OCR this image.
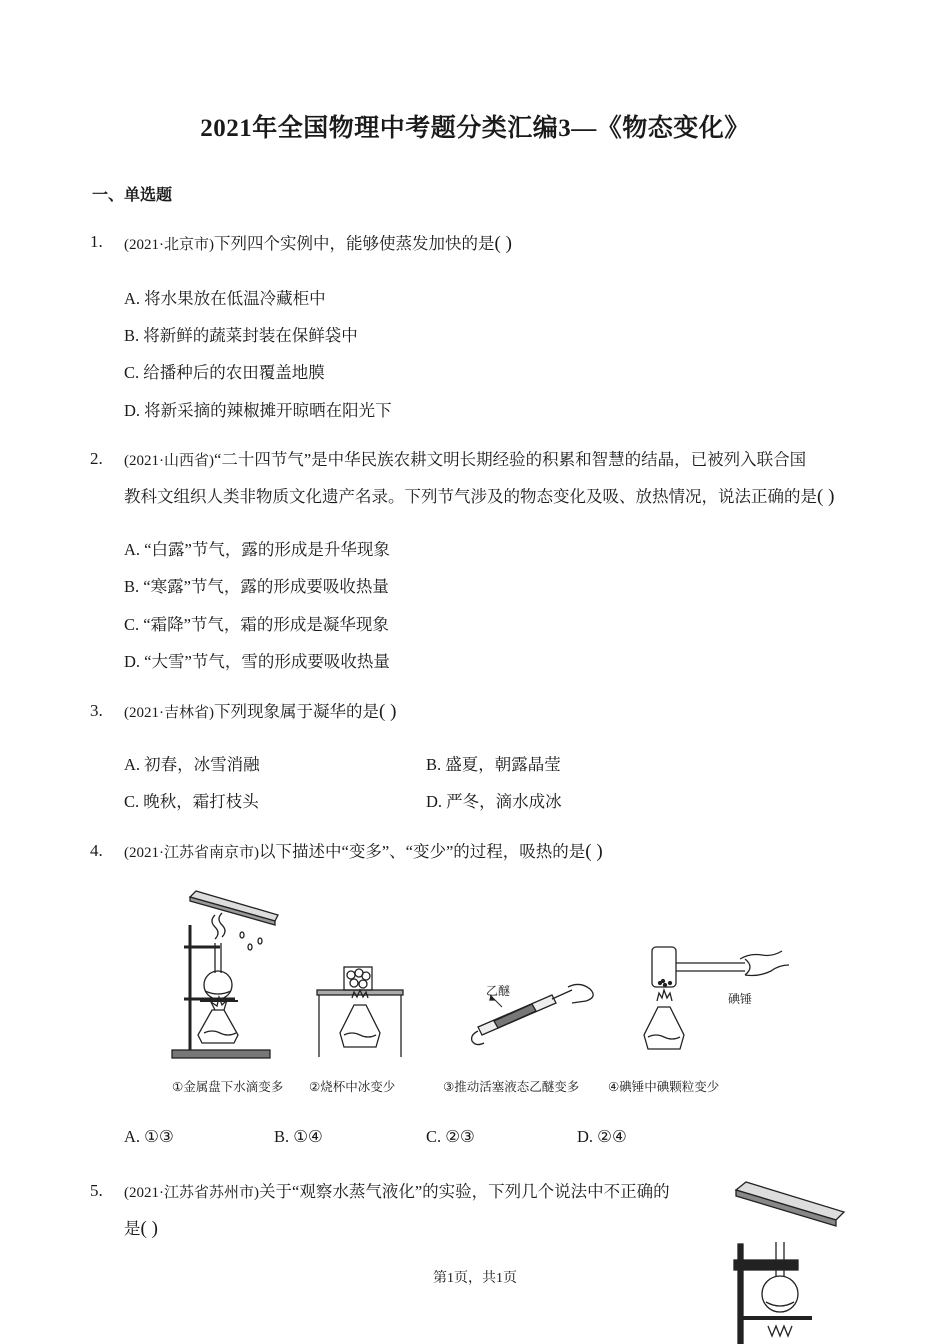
2021年全国物理中考题分类汇编3—《物态变化》
一、单选题
1. (2021·北京市)下列四个实例中，能够使蒸发加快的是( )
A. 将水果放在低温冷藏柜中
B. 将新鲜的蔬菜封装在保鲜袋中
C. 给播种后的农田覆盖地膜
D. 将新采摘的辣椒摊开晾晒在阳光下
2. (2021·山西省)“二十四节气”是中华民族农耕文明长期经验的积累和智慧的结晶，已被列入联合国
教科文组织人类非物质文化遗产名录。下列节气涉及的物态变化及吸、放热情况，说法正确的是( )
A. “白露”节气，露的形成是升华现象
B. “寒露”节气，露的形成要吸收热量
C. “霜降”节气，霜的形成是凝华现象
D. “大雪”节气，雪的形成要吸收热量
3. (2021·吉林省)下列现象属于凝华的是( )
A. 初春，冰雪消融	B. 盛夏，朝露晶莹
C. 晚秋，霜打枝头	D. 严冬，滴水成冰
4. (2021·江苏省南京市)以下描述中“变多”、“变少”的过程，吸热的是( )
乙醚
碘锤
①金属盘下水滴变多 ②烧杯中冰变少	③推动活塞液态乙醚变多 ④碘锤中碘颗粒变少
A. ①③	B. ①④	C. ②③	D. ②④
5. (2021·江苏省苏州市)关于“观察水蒸气液化”的实验，下列几个说法中不正确的
是( )
第1页，共1页
